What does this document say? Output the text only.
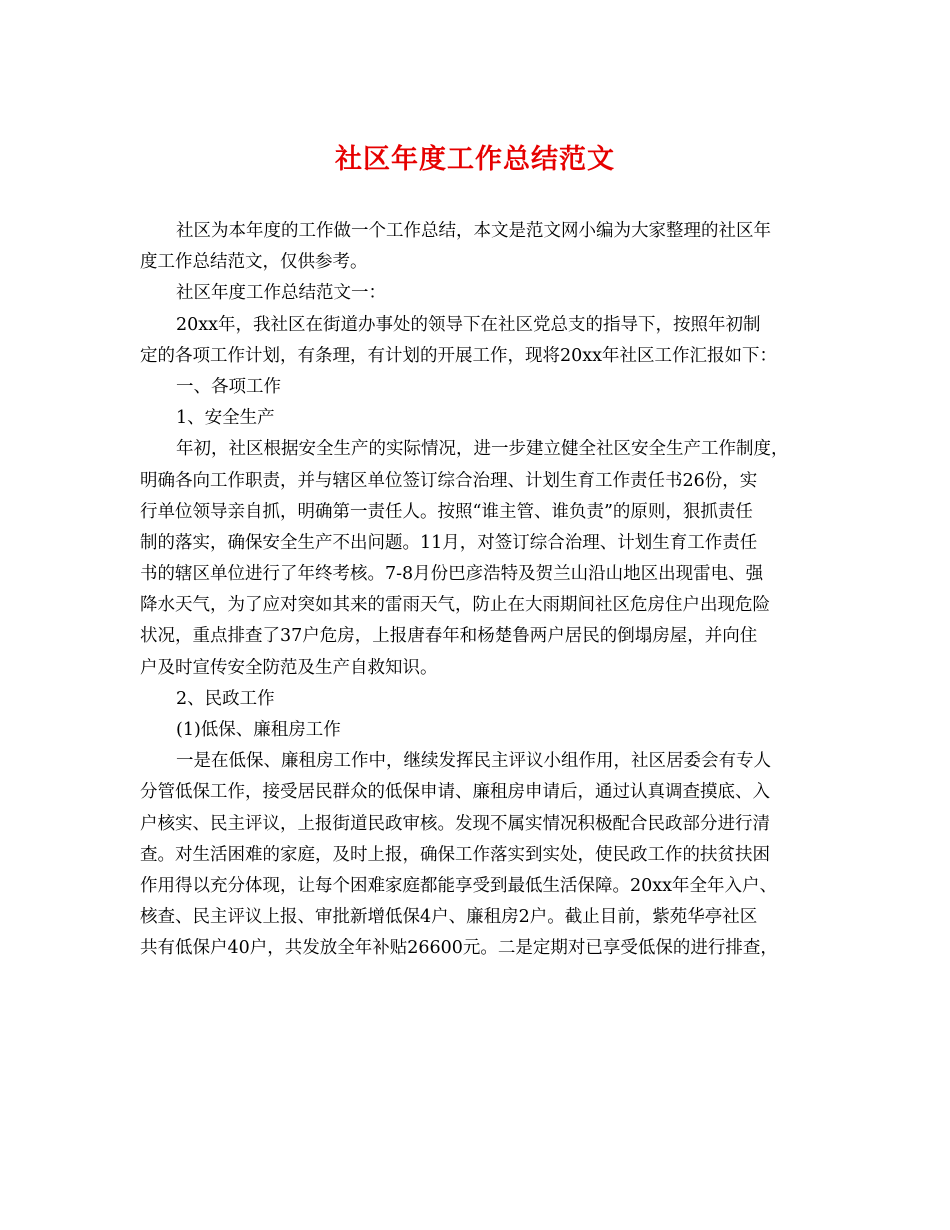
社区年度工作总结范文
社区为本年度的工作做一个工作总结，本文是范文网小编为大家整理的社区年
度工作总结范文，仅供参考。
社区年度工作总结范文一：
20xx年，我社区在街道办事处的领导下在社区党总支的指导下，按照年初制
定的各项工作计划，有条理，有计划的开展工作，现将20xx年社区工作汇报如下：
一、各项工作
1、安全生产
年初，社区根据安全生产的实际情况，进一步建立健全社区安全生产工作制度，
明确各向工作职责，并与辖区单位签订综合治理、计划生育工作责任书26份，实
行单位领导亲自抓，明确第一责任人。按照“谁主管、谁负责”的原则，狠抓责任
制的落实，确保安全生产不出问题。11月，对签订综合治理、计划生育工作责任
书的辖区单位进行了年终考核。7-8月份巴彦浩特及贺兰山沿山地区出现雷电、强
降水天气，为了应对突如其来的雷雨天气，防止在大雨期间社区危房住户出现危险
状况，重点排查了37户危房，上报唐春年和杨楚鲁两户居民的倒塌房屋，并向住
户及时宣传安全防范及生产自救知识。
2、民政工作
(1)低保、廉租房工作
一是在低保、廉租房工作中，继续发挥民主评议小组作用，社区居委会有专人
分管低保工作，接受居民群众的低保申请、廉租房申请后，通过认真调查摸底、入
户核实、民主评议，上报街道民政审核。发现不属实情况积极配合民政部分进行清
查。对生活困难的家庭，及时上报，确保工作落实到实处，使民政工作的扶贫扶困
作用得以充分体现，让每个困难家庭都能享受到最低生活保障。20xx年全年入户、
核查、民主评议上报、审批新增低保4户、廉租房2户。截止目前，紫苑华亭社区
共有低保户40户，共发放全年补贴26600元。二是定期对已享受低保的进行排查，
